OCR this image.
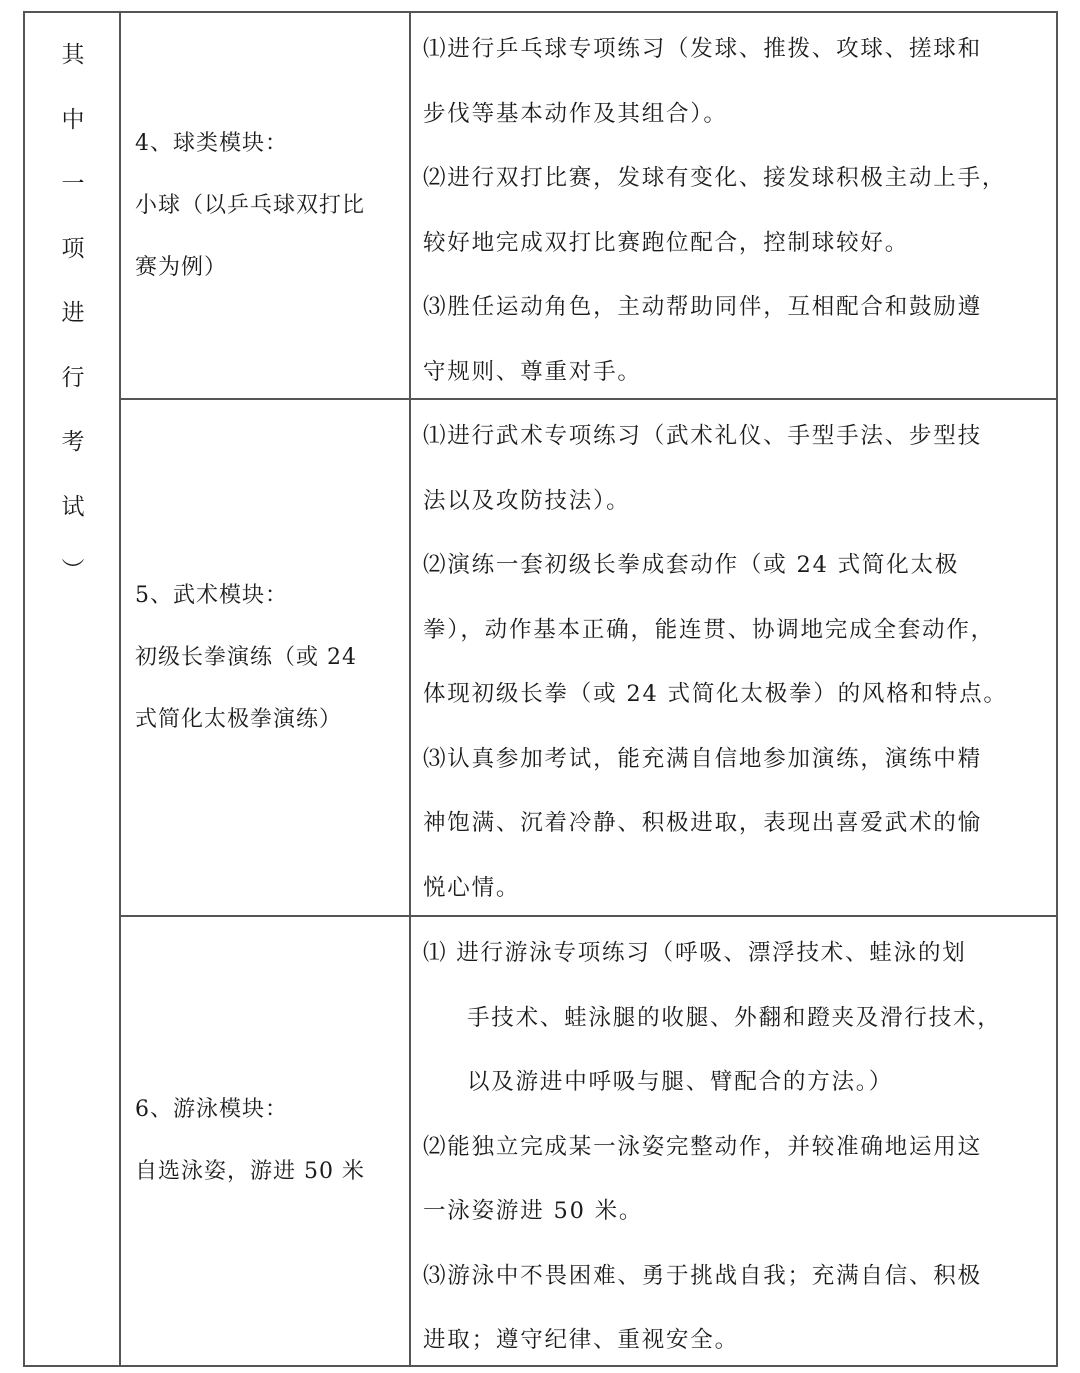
其
中
一
项
进
行
考
试
︶
4、球类模块：
小球（以乒乓球双打比
赛为例）
⑴进行乒乓球专项练习（发球、推拨、攻球、搓球和
步伐等基本动作及其组合）。
⑵进行双打比赛，发球有变化、接发球积极主动上手，
较好地完成双打比赛跑位配合，控制球较好。
⑶胜任运动角色，主动帮助同伴，互相配合和鼓励遵
守规则、尊重对手。
5、武术模块：
初级长拳演练（或 24
式简化太极拳演练）
⑴进行武术专项练习（武术礼仪、手型手法、步型技
法以及攻防技法）。
⑵演练一套初级长拳成套动作（或 24 式简化太极
拳），动作基本正确，能连贯、协调地完成全套动作，
体现初级长拳（或 24 式简化太极拳）的风格和特点。
⑶认真参加考试，能充满自信地参加演练，演练中精
神饱满、沉着冷静、积极进取，表现出喜爱武术的愉
悦心情。
6、游泳模块：
自选泳姿，游进 50 米
⑴ 进行游泳专项练习（呼吸、漂浮技术、蛙泳的划
手技术、蛙泳腿的收腿、外翻和蹬夹及滑行技术，
以及游进中呼吸与腿、臂配合的方法。）
⑵能独立完成某一泳姿完整动作，并较准确地运用这
一泳姿游进 50 米。
⑶游泳中不畏困难、勇于挑战自我；充满自信、积极
进取；遵守纪律、重视安全。
